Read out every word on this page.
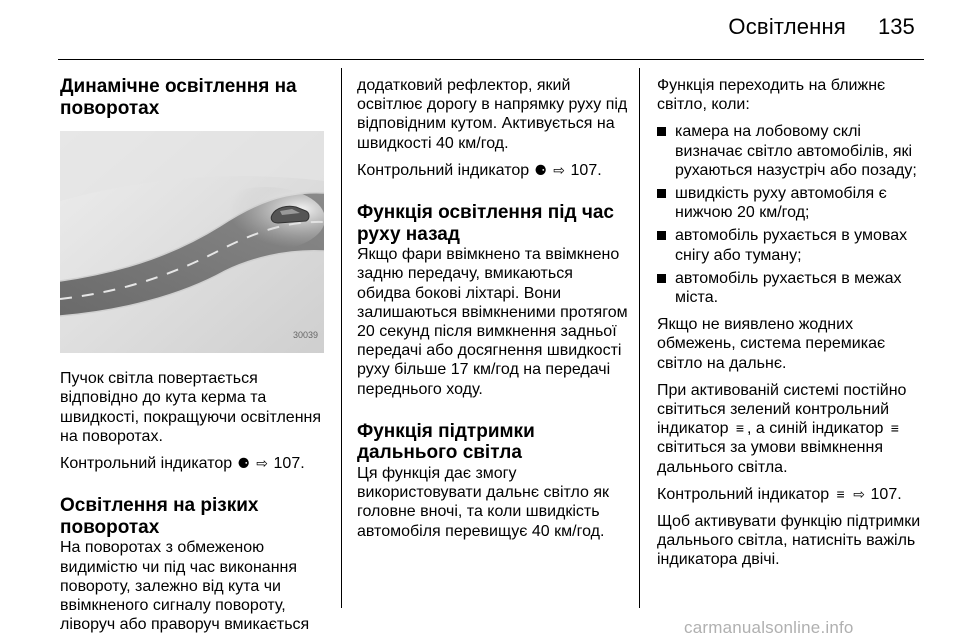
Освітлення 135
Динамічне освітлення на поворотах
30039

Пучок світла повертається відповідно до кута керма та швидкості, покращуючи освітлення на поворотах.

Контрольний індикатор ⚈ ⇨ 107.

Освітлення на різких поворотах

На поворотах з обмеженою видимістю чи під час виконання повороту, залежно від кута чи ввімкненого сигналу повороту, ліворуч або праворуч вмикається

додатковий рефлектор, який освітлює дорогу в напрямку руху під відповідним кутом. Активується на швидкості 40 км/год.

Контрольний індикатор ⚈ ⇨ 107.

Функція освітлення під час руху назад

Якщо фари ввімкнено та ввімкнено задню передачу, вмикаються обидва бокові ліхтарі. Вони залишаються ввімкненими протягом 20 секунд після вимкнення задньої передачі або досягнення швидкості руху більше 17 км/год на передачі переднього ходу.

Функція підтримки дальнього світла

Ця функція дає змогу використовувати дальнє світло як головне вночі, та коли швидкість автомобіля перевищує 40 км/год.

Функція переходить на ближнє світло, коли:

камера на лобовому склі визначає світло автомобілів, які рухаються назустріч або позаду;
швидкість руху автомобіля є нижчою 20 км/год;
автомобіль рухається в умовах снігу або туману;
автомобіль рухається в межах міста.

Якщо не виявлено жодних обмежень, система перемикає світло на дальнє.

При активованій системі постійно світиться зелений контрольний індикатор ≡ , а синій індикатор ≡ світиться за умови ввімкнення дальнього світла.

Контрольний індикатор ≡ ⇨ 107.

Щоб активувати функцію підтримки дальнього світла, натисніть важіль індикатора двічі.

carmanualsonline.info
